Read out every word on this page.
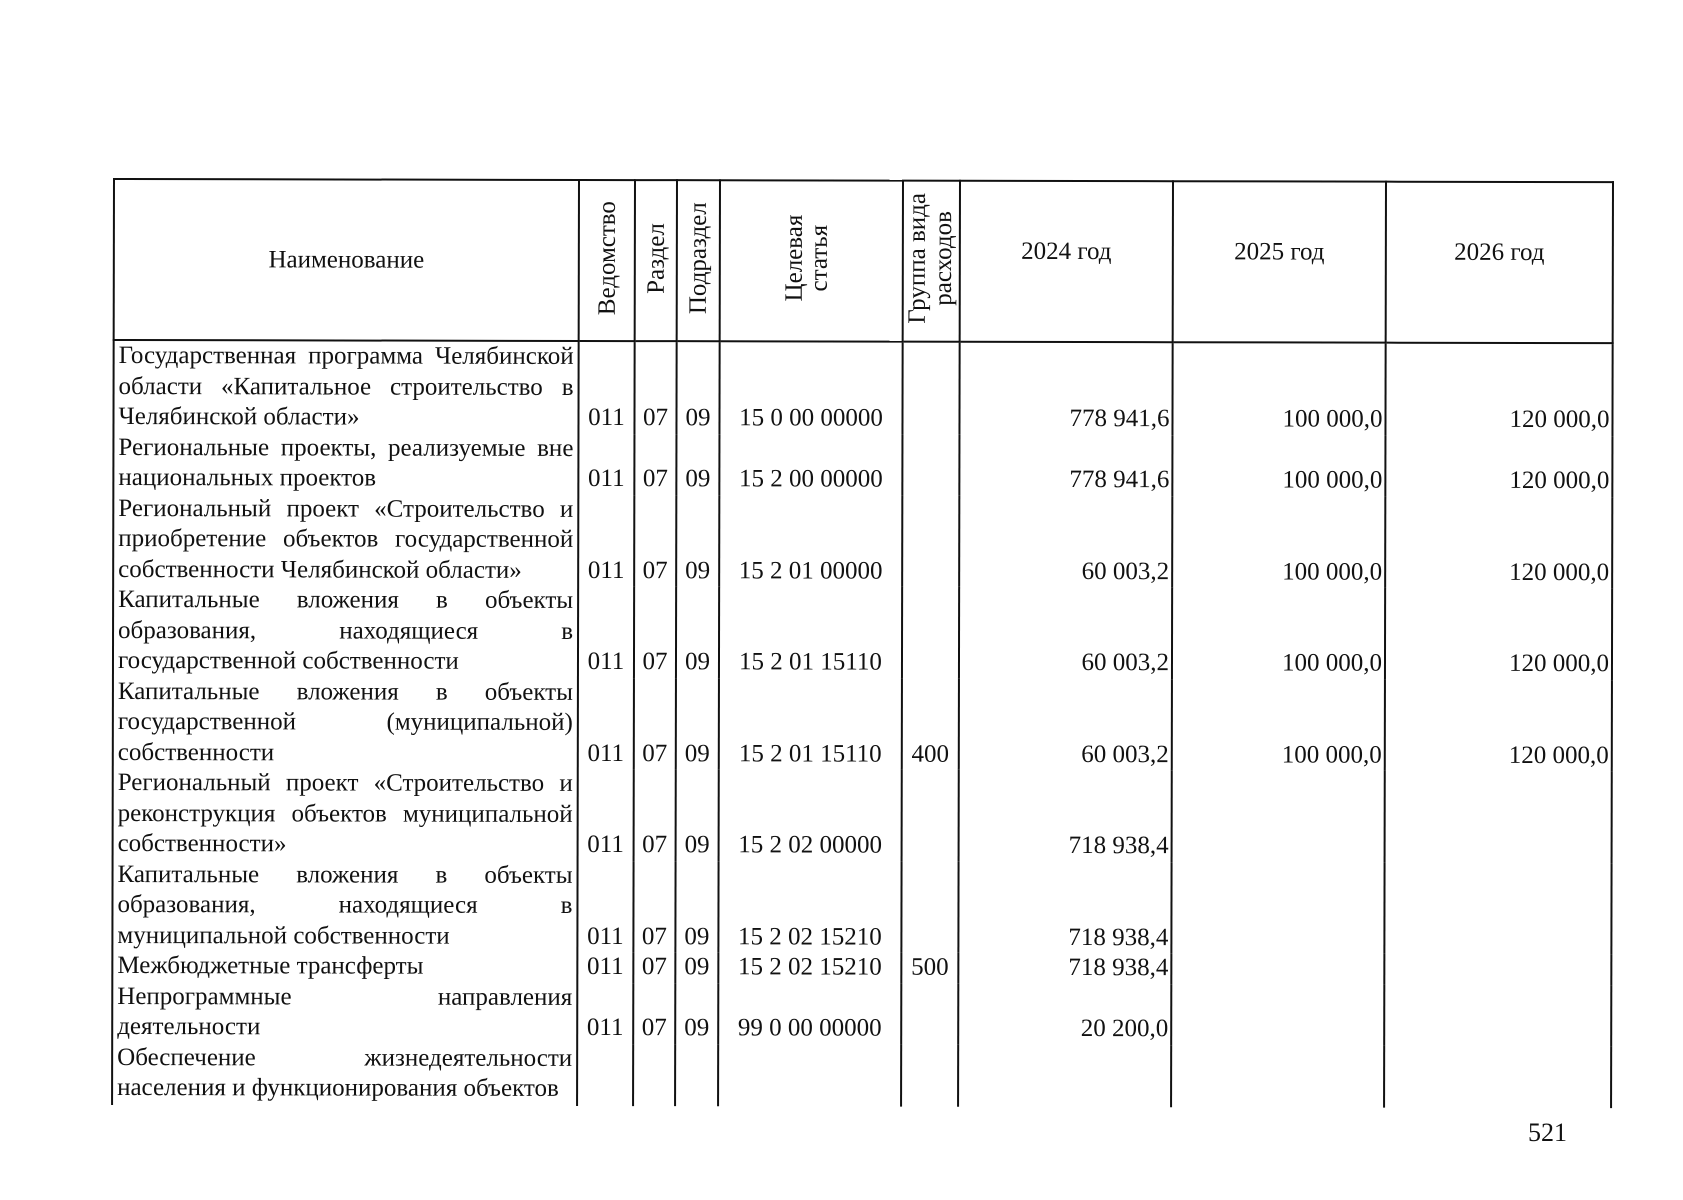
Наименование	Ведомство	Раздел	Подраздел	Целевая статья	Группа вида расходов	2024 год	2025 год	2026 год
Государственная программа Челябинской области «Капитальное строительство в Челябинской области»	011	07	09	15 0 00 00000		778 941,6	100 000,0	120 000,0
Региональные проекты, реализуемые вне национальных проектов	011	07	09	15 2 00 00000		778 941,6	100 000,0	120 000,0
Региональный проект «Строительство и приобретение объектов государственной собственности Челябинской области»	011	07	09	15 2 01 00000		60 003,2	100 000,0	120 000,0
Капитальные вложения в объекты образования, находящиеся в государственной собственности	011	07	09	15 2 01 15110		60 003,2	100 000,0	120 000,0
Капитальные вложения в объекты государственной (муниципальной) собственности	011	07	09	15 2 01 15110	400	60 003,2	100 000,0	120 000,0
Региональный проект «Строительство и реконструкция объектов муниципальной собственности»	011	07	09	15 2 02 00000		718 938,4		
Капитальные вложения в объекты образования, находящиеся в муниципальной собственности	011	07	09	15 2 02 15210		718 938,4		
Межбюджетные трансферты	011	07	09	15 2 02 15210	500	718 938,4		
Непрограммные направления деятельности	011	07	09	99 0 00 00000		20 200,0		
Обеспечение жизнедеятельности населения и функционирования объектов								
521
